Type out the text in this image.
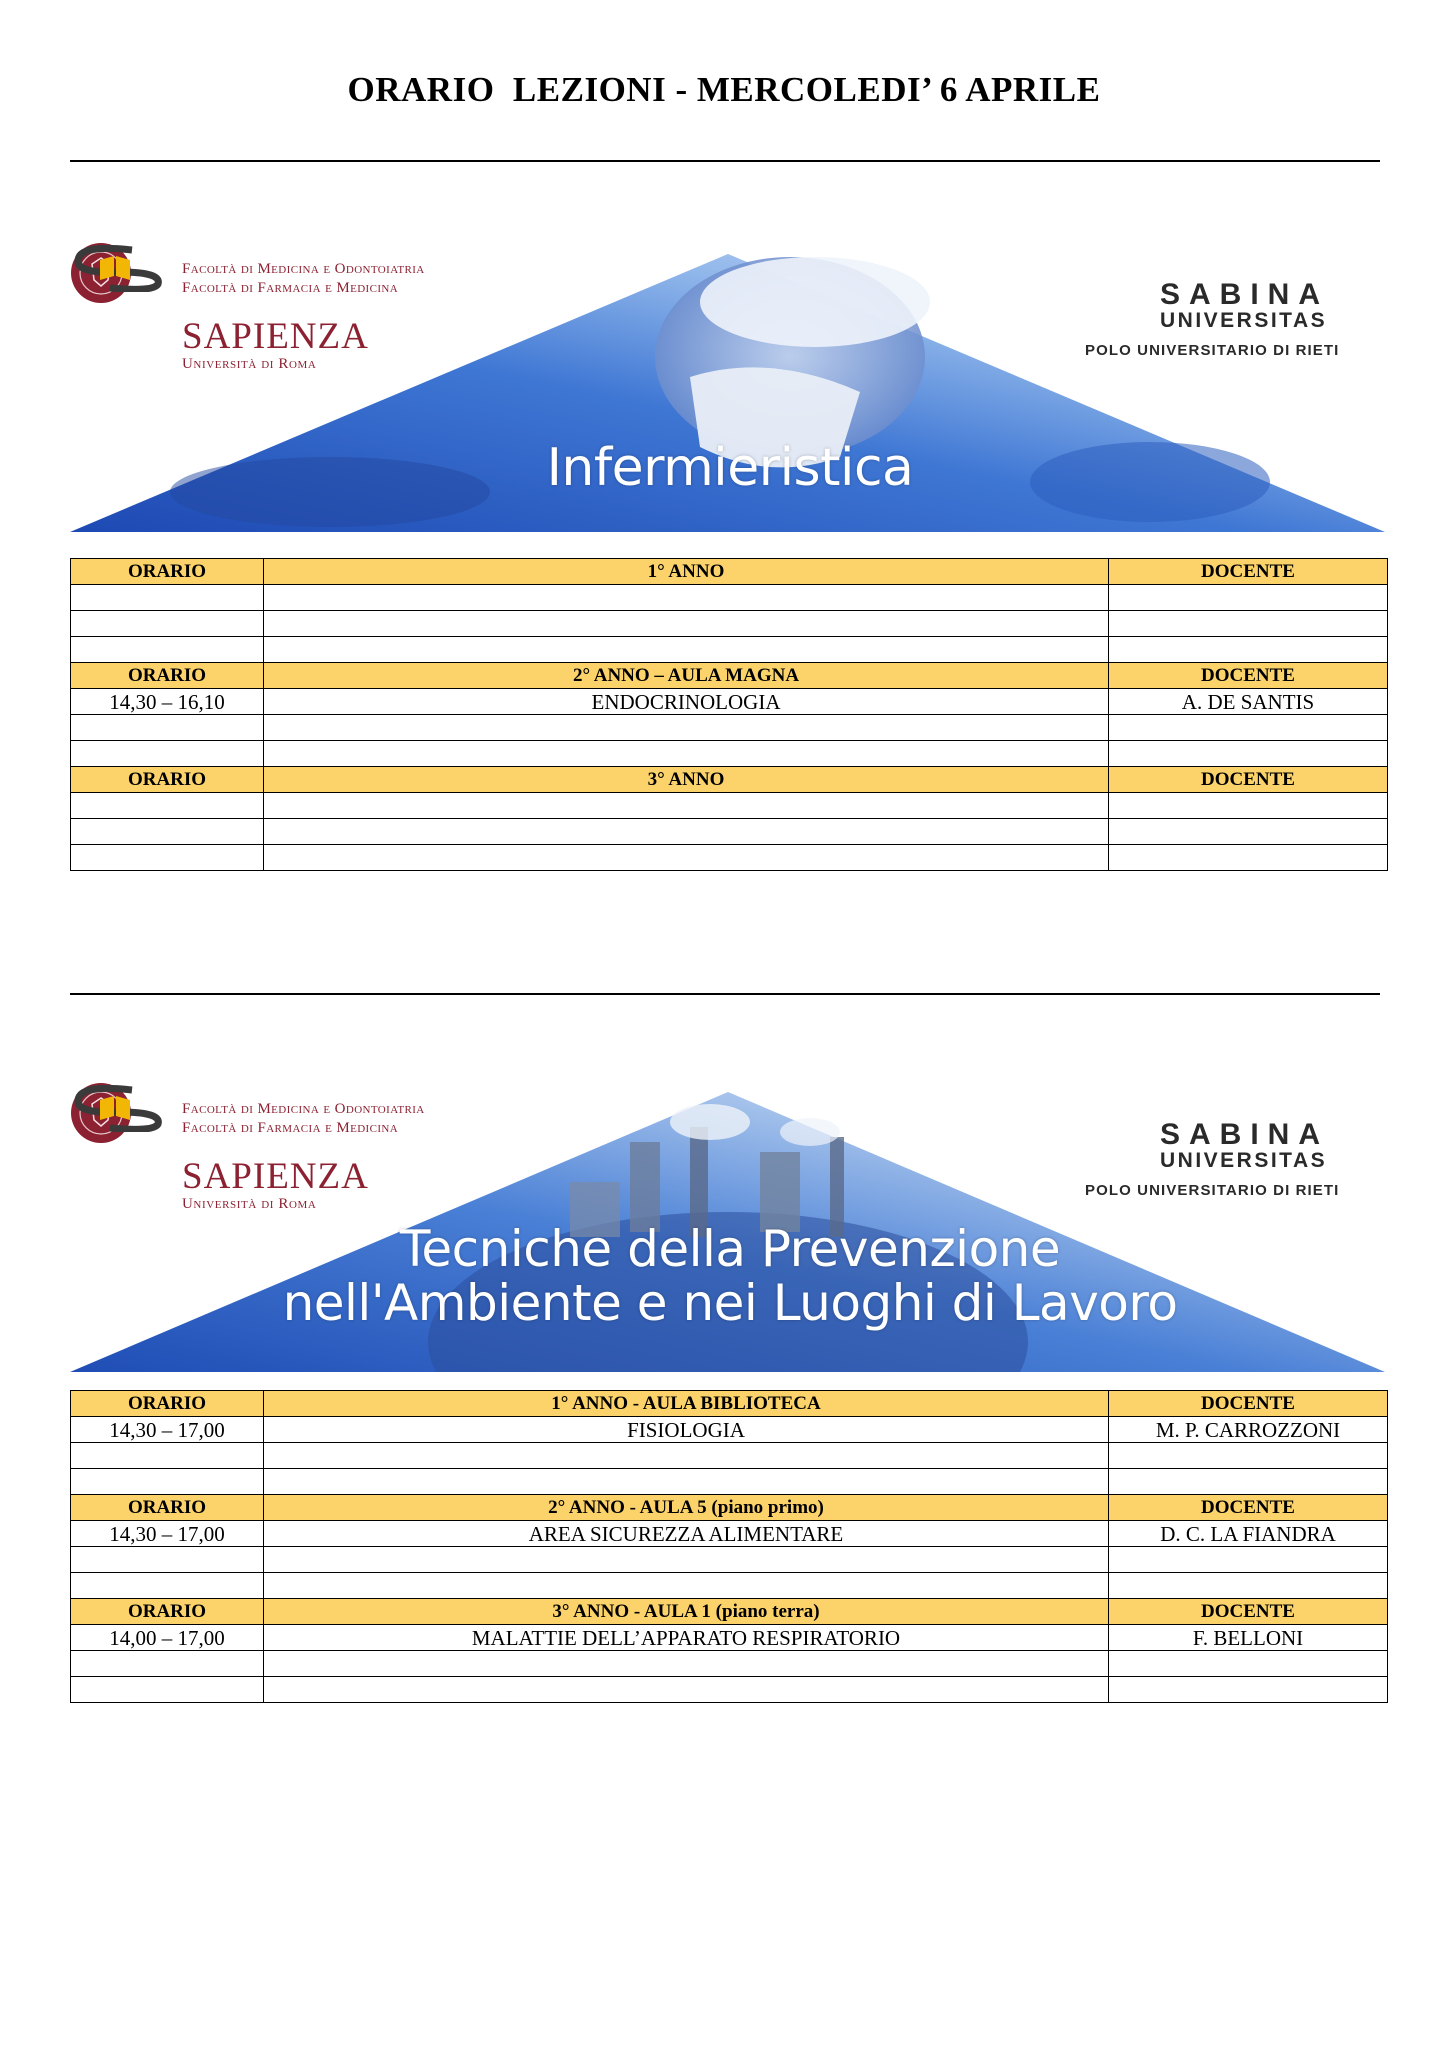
ORARIO  LEZIONI - MERCOLEDI’ 6 APRILE
Facoltà di Medicina e Odontoiatria
Facoltà di Farmacia e Medicina
SAPIENZA
Università di Roma
SABINA
UNIVERSITAS
POLO UNIVERSITARIO DI RIETI
Infermieristica
ORARIO	1° ANNO	DOCENTE

ORARIO	2° ANNO – AULA MAGNA	DOCENTE
14,30 – 16,10	ENDOCRINOLOGIA	A. DE SANTIS

ORARIO	3° ANNO	DOCENTE

Facoltà di Medicina e Odontoiatria
Facoltà di Farmacia e Medicina
SAPIENZA
Università di Roma
SABINA
UNIVERSITAS
POLO UNIVERSITARIO DI RIETI
Tecniche della Prevenzione
nell'Ambiente e nei Luoghi di Lavoro
ORARIO	1° ANNO - AULA BIBLIOTECA	DOCENTE
14,30 – 17,00	FISIOLOGIA	M. P. CARROZZONI

ORARIO	2° ANNO - AULA 5 (piano primo)	DOCENTE
14,30 – 17,00	AREA SICUREZZA ALIMENTARE	D. C. LA FIANDRA

ORARIO	3° ANNO - AULA 1 (piano terra)	DOCENTE
14,00 – 17,00	MALATTIE DELL’APPARATO RESPIRATORIO	F. BELLONI
